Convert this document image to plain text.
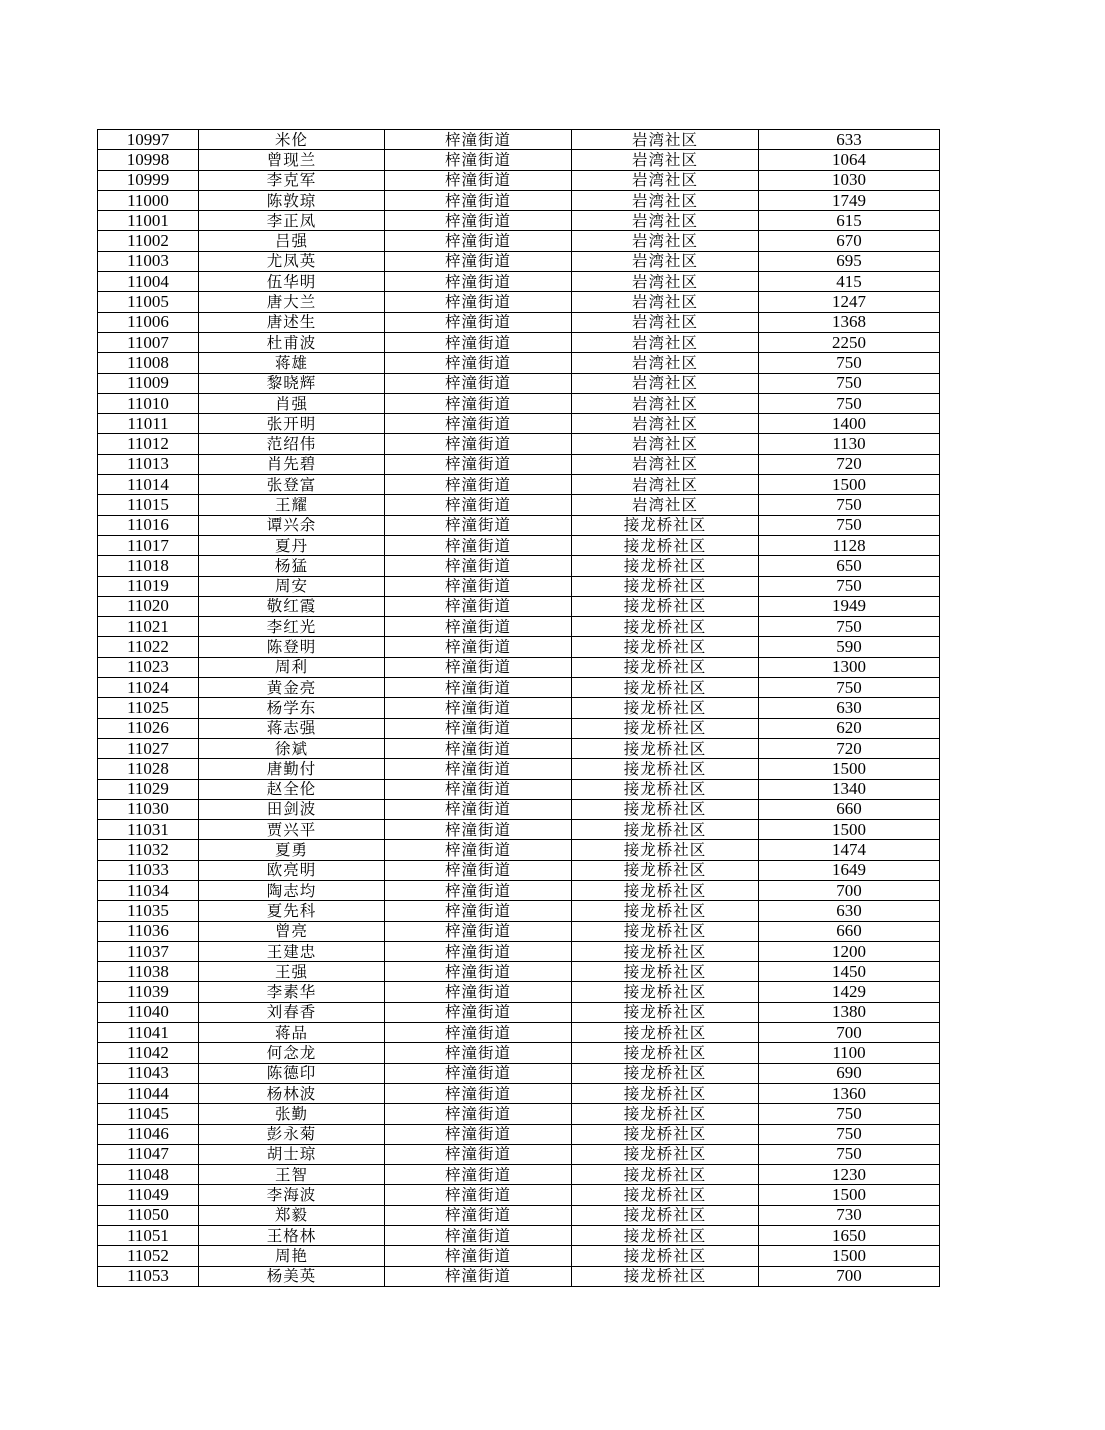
10997	米伦	梓潼街道	岩湾社区	633
10998	曾现兰	梓潼街道	岩湾社区	1064
10999	李克军	梓潼街道	岩湾社区	1030
11000	陈敦琼	梓潼街道	岩湾社区	1749
11001	李正凤	梓潼街道	岩湾社区	615
11002	吕强	梓潼街道	岩湾社区	670
11003	尤凤英	梓潼街道	岩湾社区	695
11004	伍华明	梓潼街道	岩湾社区	415
11005	唐大兰	梓潼街道	岩湾社区	1247
11006	唐述生	梓潼街道	岩湾社区	1368
11007	杜甫波	梓潼街道	岩湾社区	2250
11008	蒋雄	梓潼街道	岩湾社区	750
11009	黎晓辉	梓潼街道	岩湾社区	750
11010	肖强	梓潼街道	岩湾社区	750
11011	张开明	梓潼街道	岩湾社区	1400
11012	范绍伟	梓潼街道	岩湾社区	1130
11013	肖先碧	梓潼街道	岩湾社区	720
11014	张登富	梓潼街道	岩湾社区	1500
11015	王耀	梓潼街道	岩湾社区	750
11016	谭兴余	梓潼街道	接龙桥社区	750
11017	夏丹	梓潼街道	接龙桥社区	1128
11018	杨猛	梓潼街道	接龙桥社区	650
11019	周安	梓潼街道	接龙桥社区	750
11020	敬红霞	梓潼街道	接龙桥社区	1949
11021	李红光	梓潼街道	接龙桥社区	750
11022	陈登明	梓潼街道	接龙桥社区	590
11023	周利	梓潼街道	接龙桥社区	1300
11024	黄金亮	梓潼街道	接龙桥社区	750
11025	杨学东	梓潼街道	接龙桥社区	630
11026	蒋志强	梓潼街道	接龙桥社区	620
11027	徐斌	梓潼街道	接龙桥社区	720
11028	唐勤付	梓潼街道	接龙桥社区	1500
11029	赵全伦	梓潼街道	接龙桥社区	1340
11030	田剑波	梓潼街道	接龙桥社区	660
11031	贾兴平	梓潼街道	接龙桥社区	1500
11032	夏勇	梓潼街道	接龙桥社区	1474
11033	欧亮明	梓潼街道	接龙桥社区	1649
11034	陶志均	梓潼街道	接龙桥社区	700
11035	夏先科	梓潼街道	接龙桥社区	630
11036	曾亮	梓潼街道	接龙桥社区	660
11037	王建忠	梓潼街道	接龙桥社区	1200
11038	王强	梓潼街道	接龙桥社区	1450
11039	李素华	梓潼街道	接龙桥社区	1429
11040	刘春香	梓潼街道	接龙桥社区	1380
11041	蒋品	梓潼街道	接龙桥社区	700
11042	何念龙	梓潼街道	接龙桥社区	1100
11043	陈德印	梓潼街道	接龙桥社区	690
11044	杨林波	梓潼街道	接龙桥社区	1360
11045	张勤	梓潼街道	接龙桥社区	750
11046	彭永菊	梓潼街道	接龙桥社区	750
11047	胡士琼	梓潼街道	接龙桥社区	750
11048	王智	梓潼街道	接龙桥社区	1230
11049	李海波	梓潼街道	接龙桥社区	1500
11050	郑毅	梓潼街道	接龙桥社区	730
11051	王格林	梓潼街道	接龙桥社区	1650
11052	周艳	梓潼街道	接龙桥社区	1500
11053	杨美英	梓潼街道	接龙桥社区	700
